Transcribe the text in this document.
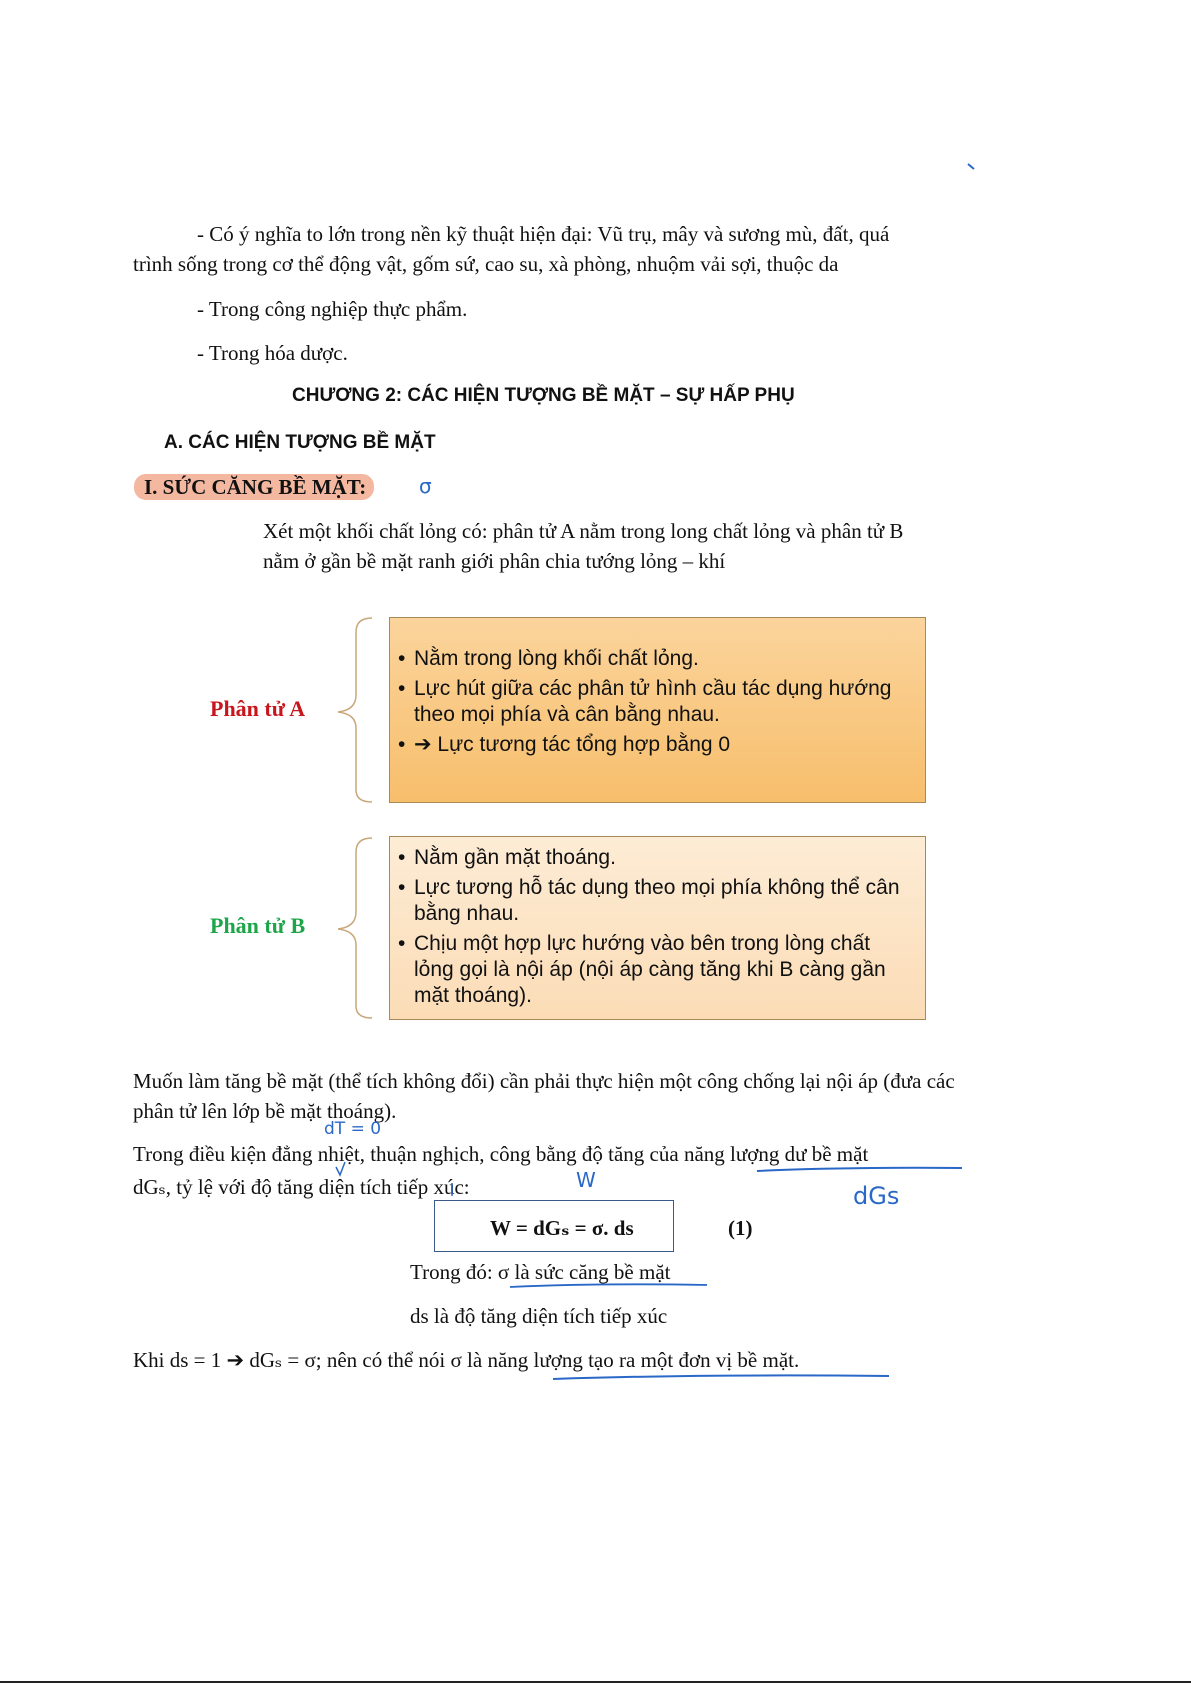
- Có ý nghĩa to lớn trong nền kỹ thuật hiện đại: Vũ trụ, mây và sương mù, đất, quá
trình sống trong cơ thể động vật, gốm sứ, cao su, xà phòng, nhuộm vải sợi, thuộc da
- Trong công nghiệp thực phẩm.
- Trong hóa dược.
CHƯƠNG 2: CÁC HIỆN TƯỢNG BỀ MẶT – SỰ HẤP PHỤ
A. CÁC HIỆN TƯỢNG BỀ MẶT
I. SỨC CĂNG BỀ MẶT:	σ
Xét một khối chất lỏng có: phân tử A nằm trong long chất lỏng và phân tử B
nằm ở gần bề mặt ranh giới phân chia tướng lỏng – khí
Phân tử A
• Nằm trong lòng khối chất lỏng.
• Lực hút giữa các phân tử hình cầu tác dụng hướng theo mọi phía và cân bằng nhau.
• ➔ Lực tương tác tổng hợp bằng 0
Phân tử B
• Nằm gần mặt thoáng.
• Lực tương hỗ tác dụng theo mọi phía không thể cân bằng nhau.
• Chịu một hợp lực hướng vào bên trong lòng chất lỏng gọi là nội áp (nội áp càng tăng khi B càng gần mặt thoáng).
Muốn làm tăng bề mặt (thể tích không đổi) cần phải thực hiện một công chống lại nội áp (đưa các phân tử lên lớp bề mặt thoáng).
Trong điều kiện đẳng nhiệt, thuận nghịch, công bằng độ tăng của năng lượng dư bề mặt
dGₛ, tỷ lệ với độ tăng diện tích tiếp xúc:
W = dGₛ = σ. ds	(1)
Trong đó: σ là sức căng bề mặt
ds là độ tăng diện tích tiếp xúc
Khi ds = 1 ➔ dGₛ = σ; nên có thể nói σ là năng lượng tạo ra một đơn vị bề mặt.
dT = 0
W
dGs
